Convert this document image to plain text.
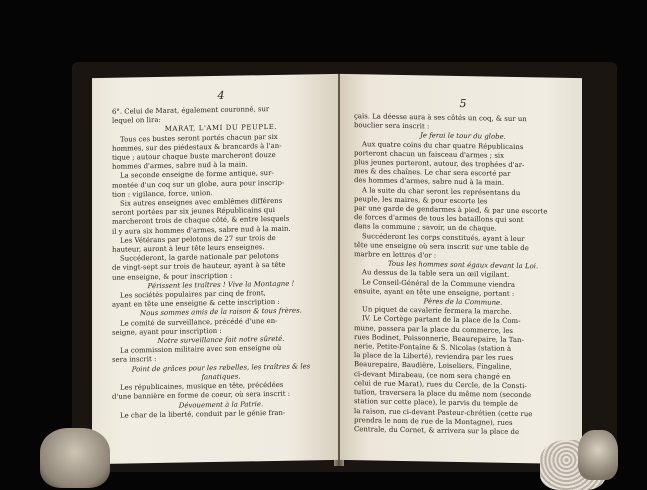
4
6°. Celui de Marat, également couronné, sur
lequel on lira:
MARAT, L'AMI DU PEUPLE.
Tous ces bustes seront portés chacun par six
hommes, sur des piédestaux & brancards à l'an-
tique ; autour chaque buste marcheront douze
hommes d'armes, sabre nud à la main.
La seconde enseigne de forme antique, sur-
montée d'un coq sur un globe, aura pour inscrip-
tion : vigilance, force, union.
Six autres enseignes avec emblêmes différens
seront portées par six jeunes Républicains qui
marcheront trois de chaque côté, & entre lesquels
il y aura six hommes d'armes, sabre nud à la main.
Les Vétérans par pelotons de 27 sur trois de
hauteur, auront à leur tête leurs enseignes.
Succéderont, la garde nationale par pelotons
de vingt-sept sur trois de hauteur, ayant à sa tête
une enseigne, & pour inscription :
Périssent les traîtres ! Vive la Montagne !
Les sociétés populaires par cinq de front,
ayant en tête une enseigne & cette inscription :
Nous sommes amis de la raison & tous frères.
Le comité de surveillance, précédé d'une en-
seigne, ayant pour inscription :
Notre surveillance fait notre sûreté.
La commission militaire avec son enseigne où
sera inscrit :
Point de grâces pour les rebelles, les traîtres & les
fanatiques.
Les républicaines, musique en tête, précédées
d'une bannière en forme de coeur, où sera inscrit :
Dévouement à la Patrie.
Le char de la liberté, conduit par le génie fran-
5
çais. La déesse aura à ses côtés un coq, & sur un
bouclier sera inscrit :
Je ferai le tour du globe.
Aux quatre coins du char quatre Républicains
porteront chacun un faisceau d'armes ; six
plus jeunes porteront, autour, des trophées d'ar-
mes & des chaînes. Le char sera escorté par
des hommes d'armes, sabre nud à la main.
A la suite du char seront les représentans du
peuple, les maires, & pour escorte les
par une garde de gendarmes à pied, & par une escorte
de forces d'armes de tous les bataillons qui sont
dans la commune ; savoir, un de chaque.
Succéderont les corps constitués, ayant à leur
tête une enseigne où sera inscrit sur une table de
marbre en lettres d'or :
Tous les hommes sont égaux devant la Loi.
Au dessus de la table sera un œil vigilant.
Le Conseil-Général de la Commune viendra
ensuite, ayant en tête une enseigne, portant :
Pères de la Commune.
Un piquet de cavalerie fermera la marche.
IV. Le Cortège partant de la place de la Com-
mune, passera par la place du commerce, les
rues Bodinet, Poissonnerie, Beaurepaire, la Tan-
nerie, Petite-Fontaine & S. Nicolas (station à
la place de la Liberté), reviendra par les rues
Beaurepaire, Baudière, Loiseliers, Fingaline,
ci-devant Mirabeau, (ce nom sera changé en
celui de rue Marat), rues du Cercle, de la Consti-
tution, traversera la place du même nom (seconde
station sur cette place), le parvis du temple de
la raison, rue ci-devant Pasteur-chrétien (cette rue
prendra le nom de rue de la Montagne), rues
Centrale, du Cornet, & arrivera sur la place de
